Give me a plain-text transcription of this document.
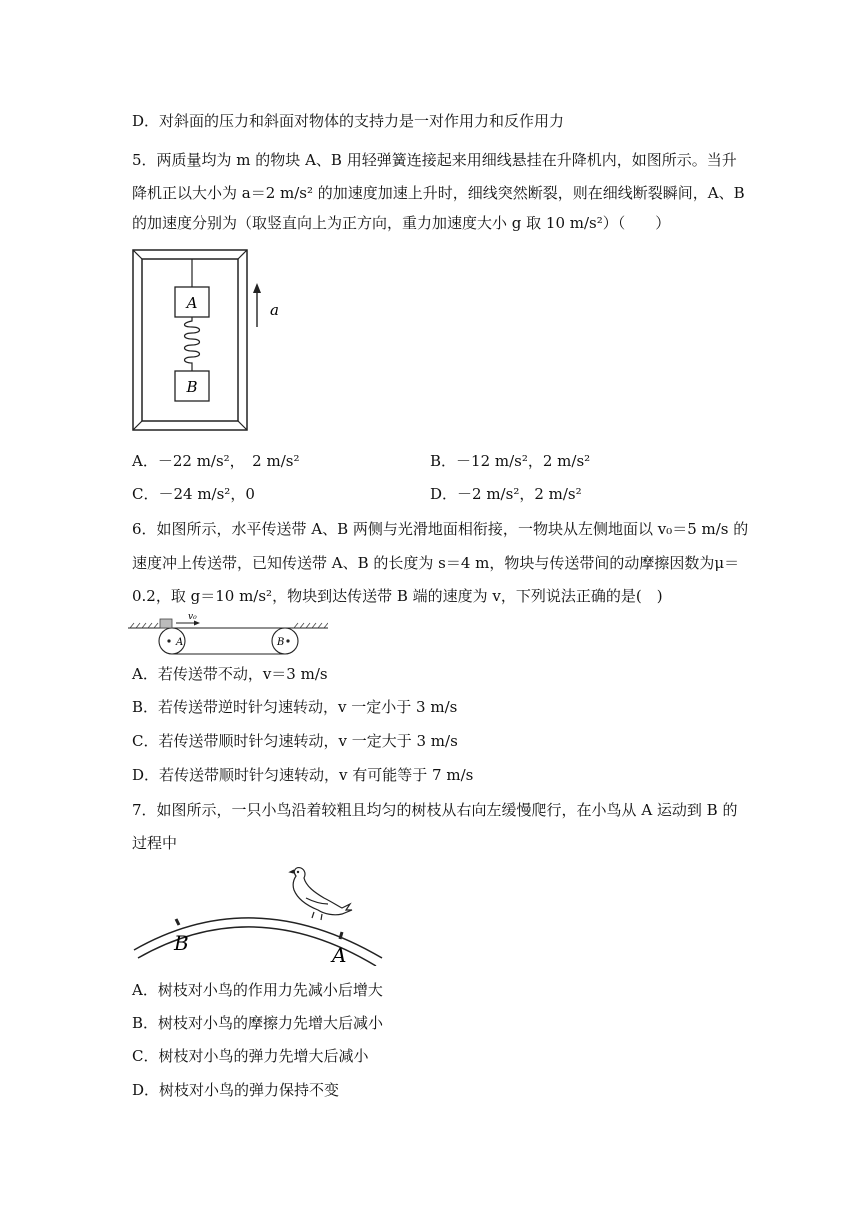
D．对斜面的压力和斜面对物体的支持力是一对作用力和反作用力
5．两质量均为 m 的物块 A、B 用轻弹簧连接起来用细线悬挂在升降机内，如图所示。当升
降机正以大小为 a＝2 m/s² 的加速度加速上升时，细线突然断裂，则在细线断裂瞬间，A、B
的加速度分别为（取竖直向上为正方向，重力加速度大小 g 取 10 m/s²）（　　）
A
B
a
A．－22 m/s²，　2 m/s²	B．－12 m/s²，2 m/s²
C．－24 m/s²，0	D．－2 m/s²，2 m/s²
6．如图所示，水平传送带 A、B 两侧与光滑地面相衔接，一物块从左侧地面以 v₀＝5 m/s 的
速度冲上传送带，已知传送带 A、B 的长度为 s＝4 m，物块与传送带间的动摩擦因数为μ＝
0.2，取 g＝10 m/s²，物块到达传送带 B 端的速度为 v，下列说法正确的是(　)
A	B
v₀
A．若传送带不动，v＝3 m/s
B．若传送带逆时针匀速转动，v 一定小于 3 m/s
C．若传送带顺时针匀速转动，v 一定大于 3 m/s
D．若传送带顺时针匀速转动，v 有可能等于 7 m/s
7．如图所示，一只小鸟沿着较粗且均匀的树枝从右向左缓慢爬行，在小鸟从 A 运动到 B 的
过程中
B	A
A．树枝对小鸟的作用力先减小后增大
B．树枝对小鸟的摩擦力先增大后减小
C．树枝对小鸟的弹力先增大后减小
D．树枝对小鸟的弹力保持不变
